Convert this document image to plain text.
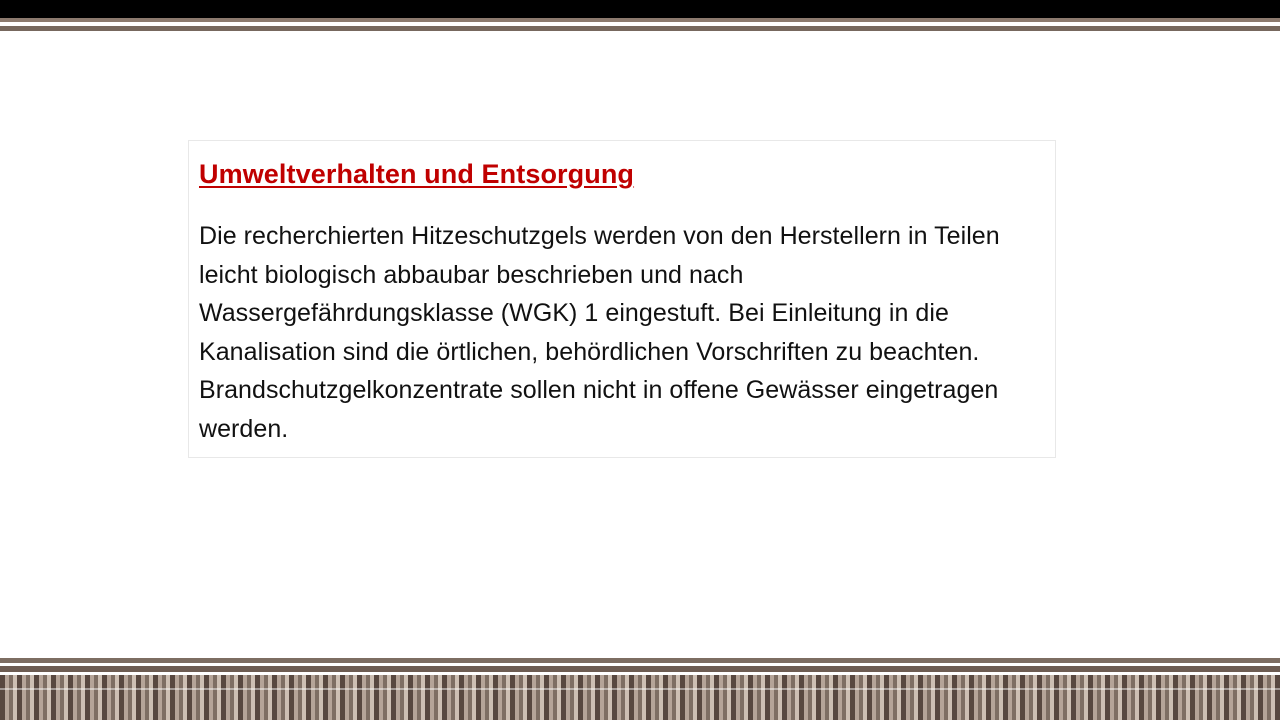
Umweltverhalten und Entsorgung
Die recherchierten Hitzeschutzgels werden von den Herstellern in Teilen leicht biologisch abbaubar beschrieben und nach Wassergefährdungsklasse (WGK) 1 eingestuft. Bei Einleitung in die Kanalisation sind die örtlichen, behördlichen Vorschriften zu beachten. Brandschutzgelkonzentrate sollen nicht in offene Gewässer eingetragen werden.
